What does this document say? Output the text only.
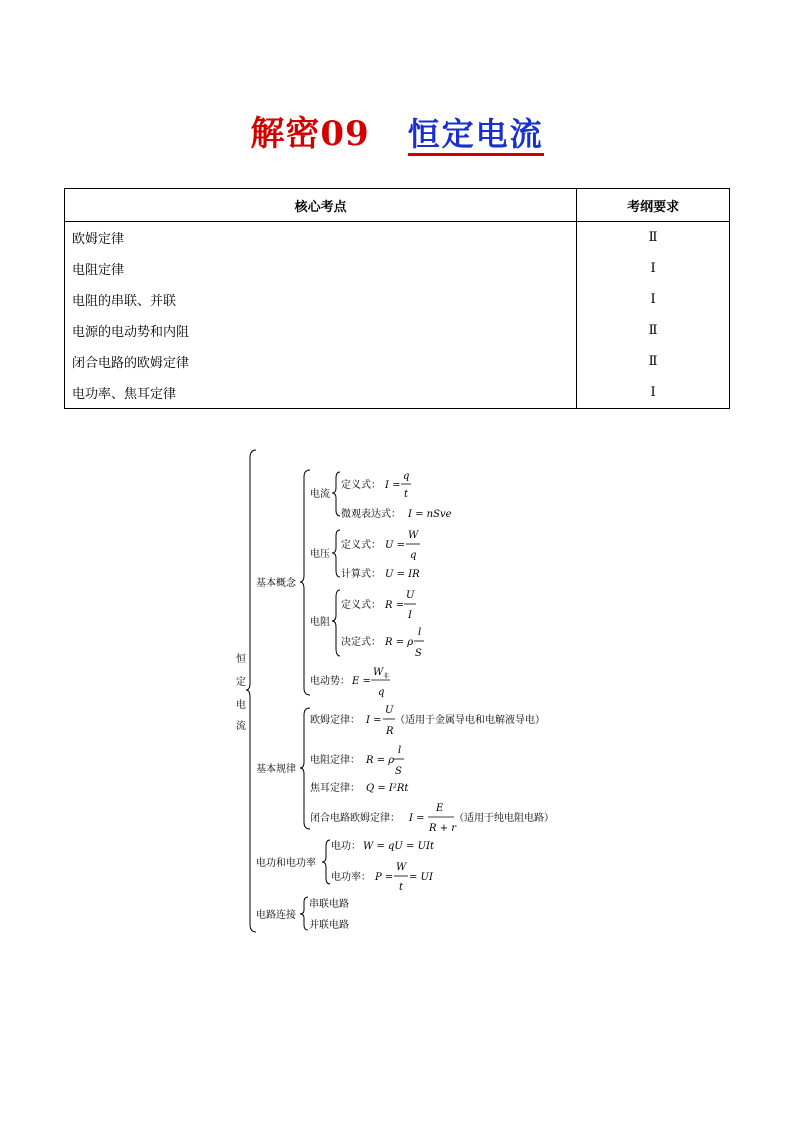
解密09 恒定电流
核心考点	考纲要求
欧姆定律	Ⅱ
电阻定律	Ⅰ
电阻的串联、并联	Ⅰ
电源的电动势和内阻	Ⅱ
闭合电路的欧姆定律	Ⅱ
电功率、焦耳定律	Ⅰ
恒
定
电
流
基本概念
基本规律
电功和电功率
电路连接
电流
定义式： I =
q
t
微观表达式： I = nSve
电压
定义式： U =
W
q
计算式： U = IR
电阻
定义式： R =
U
I
决定式： R = ρ
l
S
电动势： E =
W 非
q
欧姆定律： I =
U
R
（适用于金属导电和电解液导电）
电阻定律： R = ρ
l
S
焦耳定律： Q = I²Rt
闭合电路欧姆定律： I =
E
R + r
（适用于纯电阻电路）
电功： W = qU = UIt
电功率： P =
W
t
= UI
串联电路
并联电路
